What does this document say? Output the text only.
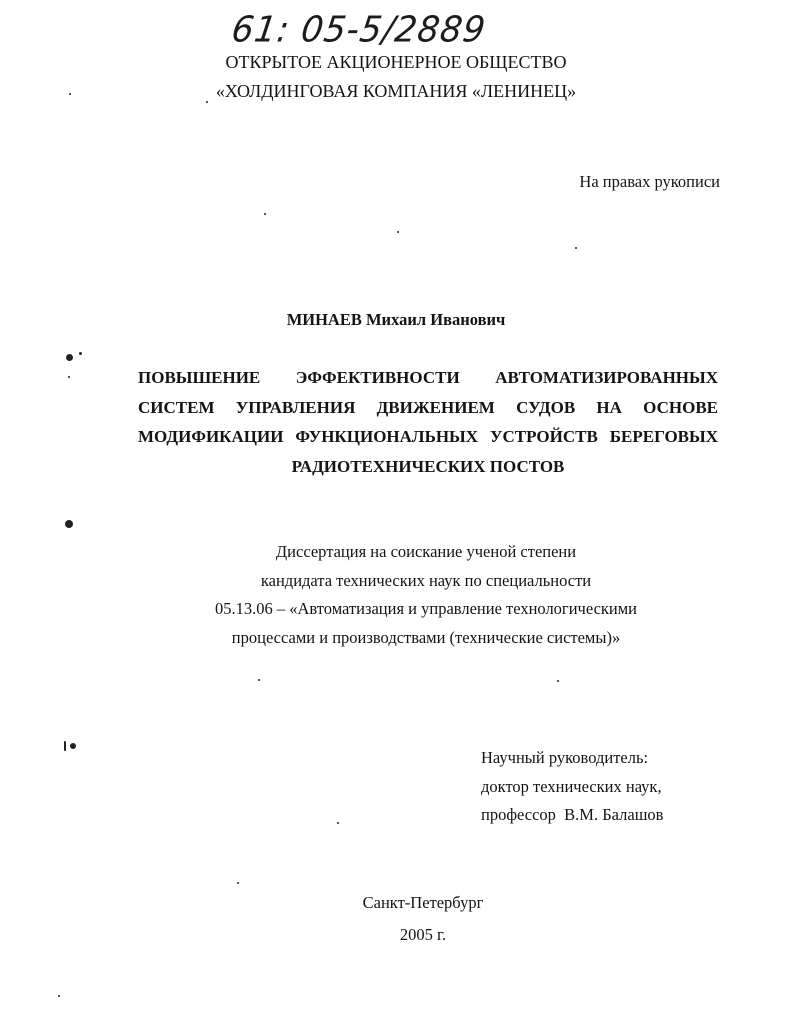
61: 05-5/2889

ОТКРЫТОЕ АКЦИОНЕРНОЕ ОБЩЕСТВО

«ХОЛДИНГОВАЯ КОМПАНИЯ «ЛЕНИНЕЦ»

На правах рукописи

МИНАЕВ Михаил Иванович

ПОВЫШЕНИЕ ЭФФЕКТИВНОСТИ АВТОМАТИЗИРОВАННЫХ
СИСТЕМ УПРАВЛЕНИЯ ДВИЖЕНИЕМ СУДОВ НА ОСНОВЕ
МОДИФИКАЦИИ ФУНКЦИОНАЛЬНЫХ УСТРОЙСТВ БЕРЕГОВЫХ
РАДИОТЕХНИЧЕСКИХ ПОСТОВ
Диссертация на соискание ученой степени
кандидата технических наук по специальности
05.13.06 – «Автоматизация и управление технологическими
процессами и производствами (технические системы)»
Научный руководитель:
доктор технических наук,
профессор  В.М. Балашов
Санкт-Петербург
2005 г.
